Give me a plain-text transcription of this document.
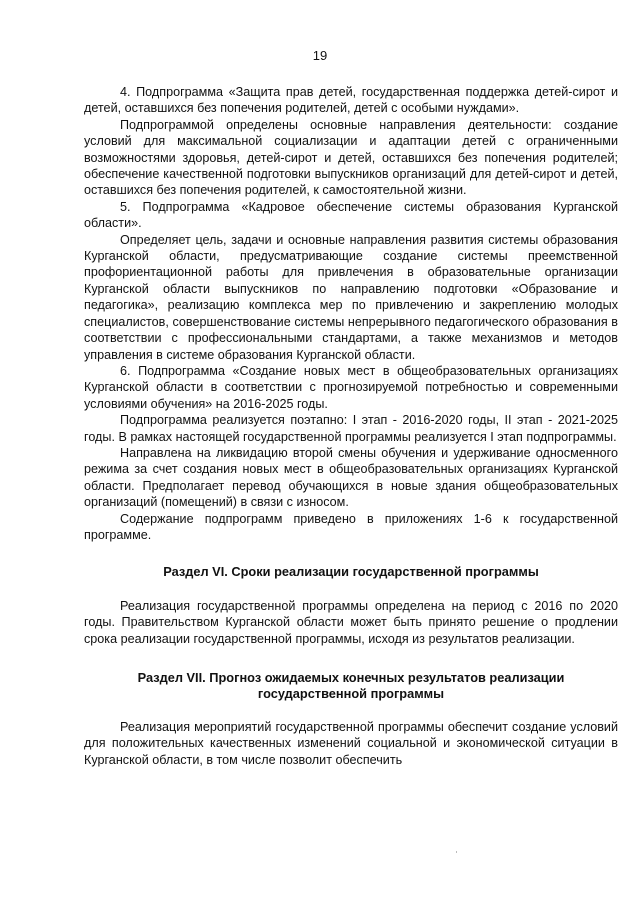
19

4. Подпрограмма «Защита прав детей, государственная поддержка детей-сирот и детей, оставшихся без попечения родителей, детей с особыми нуждами».

Подпрограммой определены основные направления деятельности: создание условий для максимальной социализации и адаптации детей с ограниченными возможностями здоровья, детей-сирот и детей, оставшихся без попечения родителей; обеспечение качественной подготовки выпускников организаций для детей-сирот и детей, оставшихся без попечения родителей, к самостоятельной жизни.

5. Подпрограмма «Кадровое обеспечение системы образования Курганской области».

Определяет цель, задачи и основные направления развития системы образования Курганской области, предусматривающие создание системы преемственной профориентационной работы для привлечения в образовательные организации Курганской области выпускников по направлению подготовки «Образование и педагогика», реализацию комплекса мер по привлечению и закреплению молодых специалистов, совершенствование системы непрерывного педагогического образования в соответствии с профессиональными стандартами, а также механизмов и методов управления в системе образования Курганской области.

6. Подпрограмма «Создание новых мест в общеобразовательных организациях Курганской области в соответствии с прогнозируемой потребностью и современными условиями обучения» на 2016-2025 годы.

Подпрограмма реализуется поэтапно: I этап - 2016-2020 годы, II этап - 2021-2025 годы. В рамках настоящей государственной программы реализуется I этап подпрограммы.

Направлена на ликвидацию второй смены обучения и удерживание односменного режима за счет создания новых мест в общеобразовательных организациях Курганской области. Предполагает перевод обучающихся в новые здания общеобразовательных организаций (помещений) в связи с износом.

Содержание подпрограмм приведено в приложениях 1-6 к государственной программе.

Раздел VI. Сроки реализации государственной программы

Реализация государственной программы определена на период с 2016 по 2020 годы. Правительством Курганской области может быть принято решение о продлении срока реализации государственной программы, исходя из результатов реализации.

Раздел VII. Прогноз ожидаемых конечных результатов реализации
государственной программы

Реализация мероприятий государственной программы обеспечит создание условий для положительных качественных изменений социальной и экономической ситуации в Курганской области, в том числе позволит обеспечить
